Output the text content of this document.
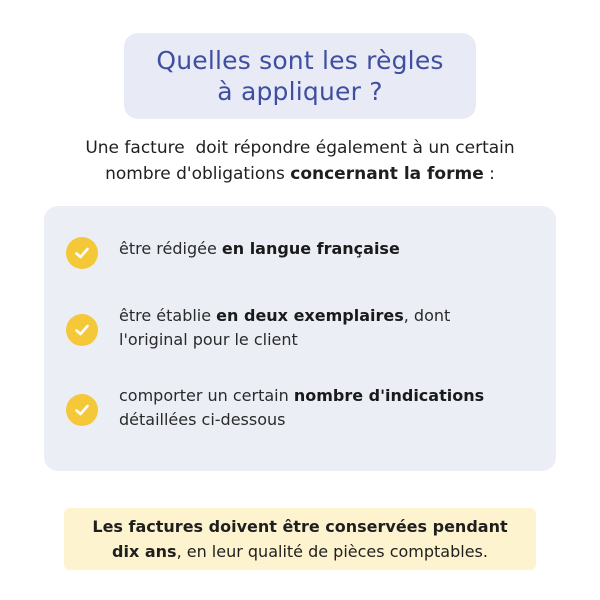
Quelles sont les règles
à appliquer ?

Une facture  doit répondre également à un certain
nombre d'obligations concernant la forme :

être rédigée en langue française
être établie en deux exemplaires, dont
l'original pour le client
comporter un certain nombre d'indications
détaillées ci-dessous
Les factures doivent être conservées pendant
dix ans, en leur qualité de pièces comptables.
